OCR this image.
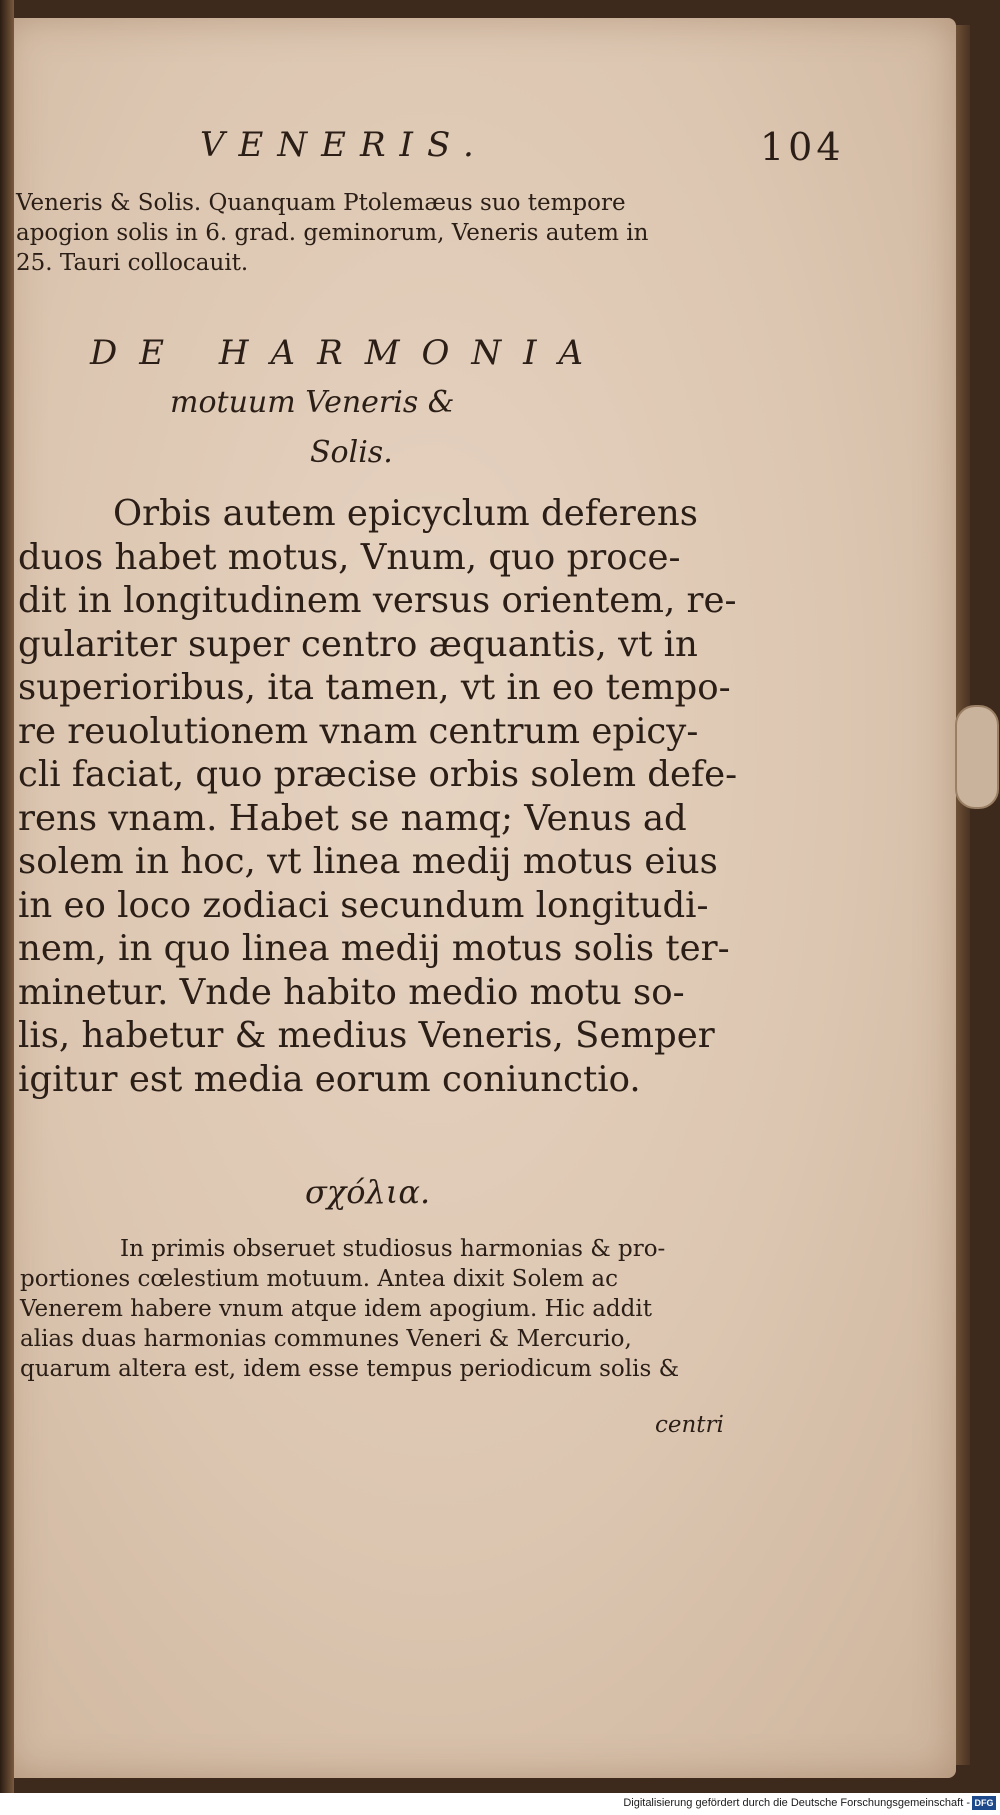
VENERIS.	104
Veneris & Solis. Quanquam Ptolemæus suo tempore
apogion solis in 6. grad. geminorum, Veneris autem in
25. Tauri collocauit.
DE HARMONIA
motuum Veneris &
Solis.
Orbis autem epicyclum deferens
duos habet motus, Vnum, quo proce-
dit in longitudinem versus orientem, re-
gulariter super centro æquantis, vt in
superioribus, ita tamen, vt in eo tempo-
re reuolutionem vnam centrum epicy-
cli faciat, quo præcise orbis solem defe-
rens vnam. Habet se namq; Venus ad
solem in hoc, vt linea medij motus eius
in eo loco zodiaci secundum longitudi-
nem, in quo linea medij motus solis ter-
minetur. Vnde habito medio motu so-
lis, habetur & medius Veneris, Semper
igitur est media eorum coniunctio.
σχόλια.
In primis obseruet studiosus harmonias & pro-
portiones cœlestium motuum. Antea dixit Solem ac
Venerem habere vnum atque idem apogium. Hic addit
alias duas harmonias communes Veneri & Mercurio,
quarum altera est, idem esse tempus periodicum solis &
centri
Digitalisierung gefördert durch die Deutsche Forschungsgemeinschaft - DFG
